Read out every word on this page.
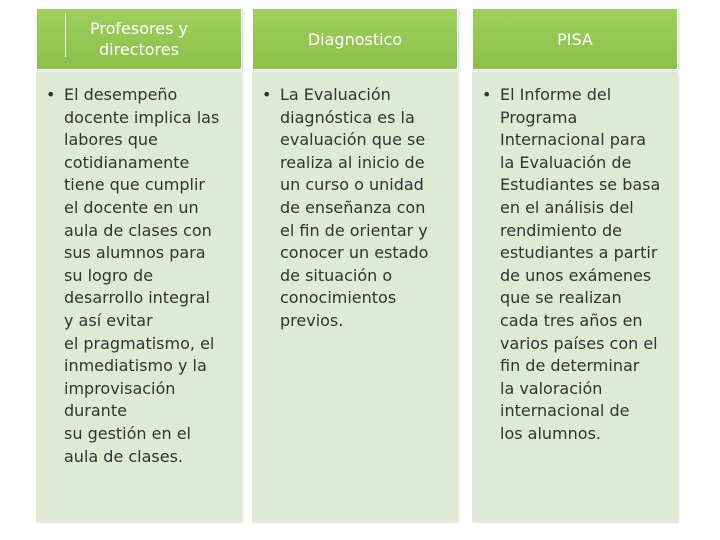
Profesores y
directores
• El desempeño
docente implica las
labores que
cotidianamente
tiene que cumplir
el docente en un
aula de clases con
sus alumnos para
su logro de
desarrollo integral
y así evitar
el pragmatismo, el
inmediatismo y la
improvisación
durante
su gestión en el
aula de clases.
Diagnostico
• La Evaluación
diagnóstica es la
evaluación que se
realiza al inicio de
un curso o unidad
de enseñanza con
el fin de orientar y
conocer un estado
de situación o
conocimientos
previos.
PISA
• El Informe del
Programa
Internacional para
la Evaluación de
Estudiantes se basa
en el análisis del
rendimiento de
estudiantes a partir
de unos exámenes
que se realizan
cada tres años en
varios países con el
fin de determinar
la valoración
internacional de
los alumnos.
